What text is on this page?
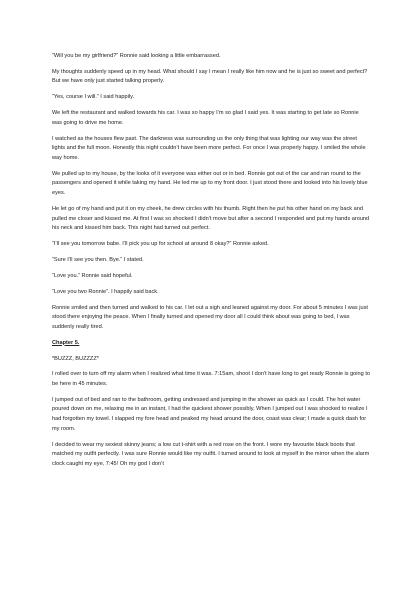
“Will you be my girlfriend?” Ronnie said looking a little embarrassed.

My thoughts suddenly speed up in my head. What should I say I mean I really like him now and he is just so sweet and perfect? But we have only just started talking properly.

“Yes, course I will.” I said happily.

We left the restaurant and walked towards his car. I was so happy I’m so glad I said yes. It was starting to get late so Ronnie was going to drive me home.

I watched as the houses flew past. The darkness was surrounding us the only thing that was lighting our way was the street lights and the full moon. Honestly this night couldn’t have been more perfect. For once I was properly happy. I smiled the whole way home.

We pulled up to my house, by the looks of it everyone was either out or in bed. Ronnie got out of the car and ran round to the passengers and opened it while taking my hand. He led me up to my front door. I just stood there and looked into his lovely blue eyes.

He let go of my hand and put it on my cheek, he drew circles with his thumb. Right then he put his other hand on my back and pulled me closer and kissed me. At first I was so shocked I didn’t move but after a second I responded and put my hands around his neck and kissed him back. This night had turned out perfect.

“I’ll see you tomorrow babe. I’ll pick you up for school at around 8 okay?” Ronnie asked.

“Sure I’ll see you then. Bye.” I stated.

“Love you.” Ronnie said hopeful.

“Love you two Ronnie”. I happily said back.

Ronnie smiled and then turned and walked to his car. I let out a sigh and leaned against my door. For about 5 minutes I was just stood there enjoying the peace. When I finally turned and opened my door all I could think about was going to bed, I was suddenly really tired.

Chapter 5.

*BUZZZ, BUZZZZ*

I rolled over to turn off my alarm when I realized what time it was. 7:15am, shoot I don’t have long to get ready Ronnie is going to be here in 45 minutes.

I jumped out of bed and ran to the bathroom, getting undressed and jumping in the shower as quick as I could. The hot water poured down on me, relaxing me in an instant, I had the quickest shower possibly. When I jumped out I was shocked to realize I had forgotten my towel. I slapped my fore head and peaked my head around the door, coast was clear; I made a quick dash for my room.

I decided to wear my sexiest skinny jeans; a low cut t-shirt with a red rose on the front. I wore my favourite black boots that matched my outfit perfectly. I was sure Ronnie would like my outfit. I turned around to look at myself in the mirror when the alarm clock caught my eye, 7:45! Oh my god I don’t
